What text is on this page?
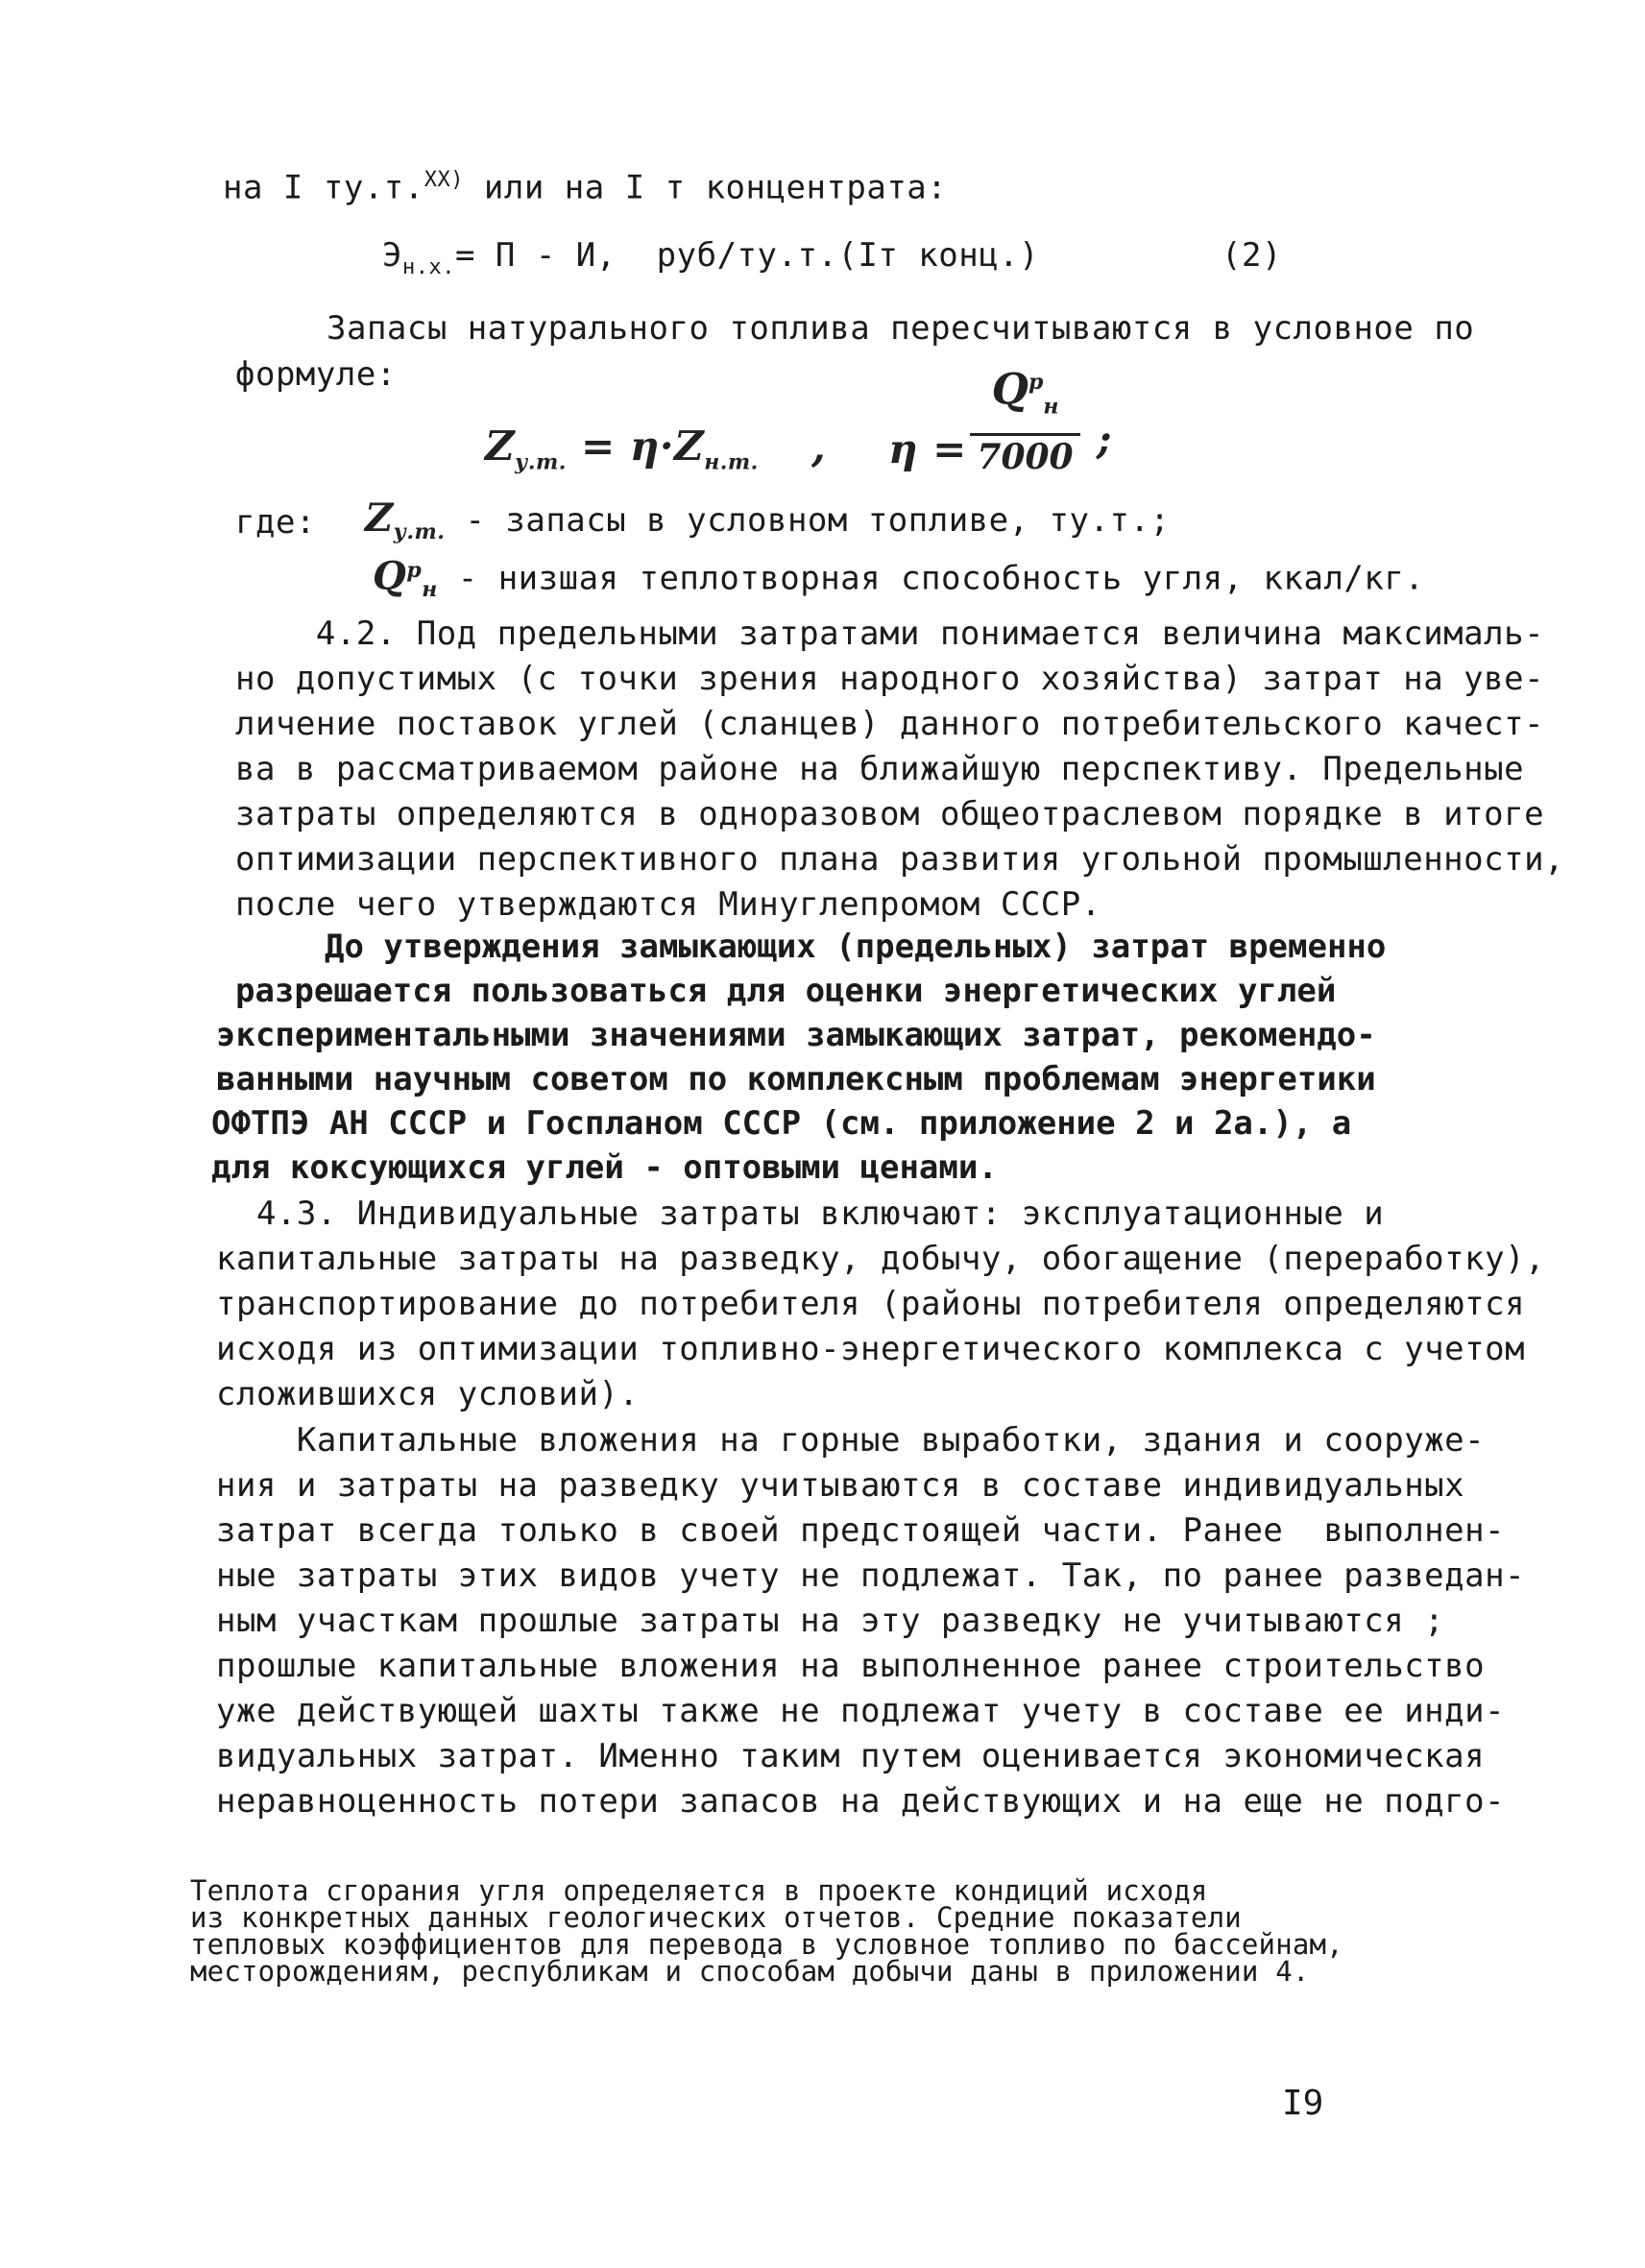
на I ту.т.$^{XX)}$ или на I т концентрата:
$Э_{н.х.}= П - И$,  руб/ту.т.(Iт конц.)	(2)
Запасы натурального топлива пересчитываются в условное по
формуле:
$Z_{у.т.} = \eta\cdot Z_{н.т.}$ , η =
$Q^р_н$
7000 ;
где: $Z_{у.т.}$ - запасы в условном топливе, ту.т.;
$Q^р_н$ - низшая теплотворная способность угля, ккал/кг.
4.2. Под предельными затратами понимается величина максималь-
но допустимых (с точки зрения народного хозяйства) затрат на уве-
личение поставок углей (сланцев) данного потребительского качест-
ва в рассматриваемом районе на ближайшую перспективу. Предельные
затраты определяются в одноразовом общеотраслевом порядке в итоге
оптимизации перспективного плана развития угольной промышленности,
после чего утверждаются Минуглепромом СССР.
До утверждения замыкающих (предельных) затрат временно
разрешается пользоваться для оценки энергетических углей
экспериментальными значениями замыкающих затрат, рекомендо-
ванными научным советом по комплексным проблемам энергетики
ОФТПЭ АН СССР и Госпланом СССР (см. приложение 2 и 2а.), а
для коксующихся углей - оптовыми ценами.
4.3. Индивидуальные затраты включают: эксплуатационные и
капитальные затраты на разведку, добычу, обогащение (переработку),
транспортирование до потребителя (районы потребителя определяются
исходя из оптимизации топливно-энергетического комплекса с учетом
сложившихся условий).
Капитальные вложения на горные выработки, здания и сооруже-
ния и затраты на разведку учитываются в составе индивидуальных
затрат всегда только в своей предстоящей части. Ранее  выполнен-
ные затраты этих видов учету не подлежат. Так, по ранее разведан-
ным участкам прошлые затраты на эту разведку не учитываются ;
прошлые капитальные вложения на выполненное ранее строительство
уже действующей шахты также не подлежат учету в составе ее инди-
видуальных затрат. Именно таким путем оценивается экономическая
неравноценность потери запасов на действующих и на еще не подго-
Теплота сгорания угля определяется в проекте кондиций исходя
из конкретных данных геологических отчетов. Средние показатели
тепловых коэффициентов для перевода в условное топливо по бассейнам,
месторождениям, республикам и способам добычи даны в приложении 4.
I9
